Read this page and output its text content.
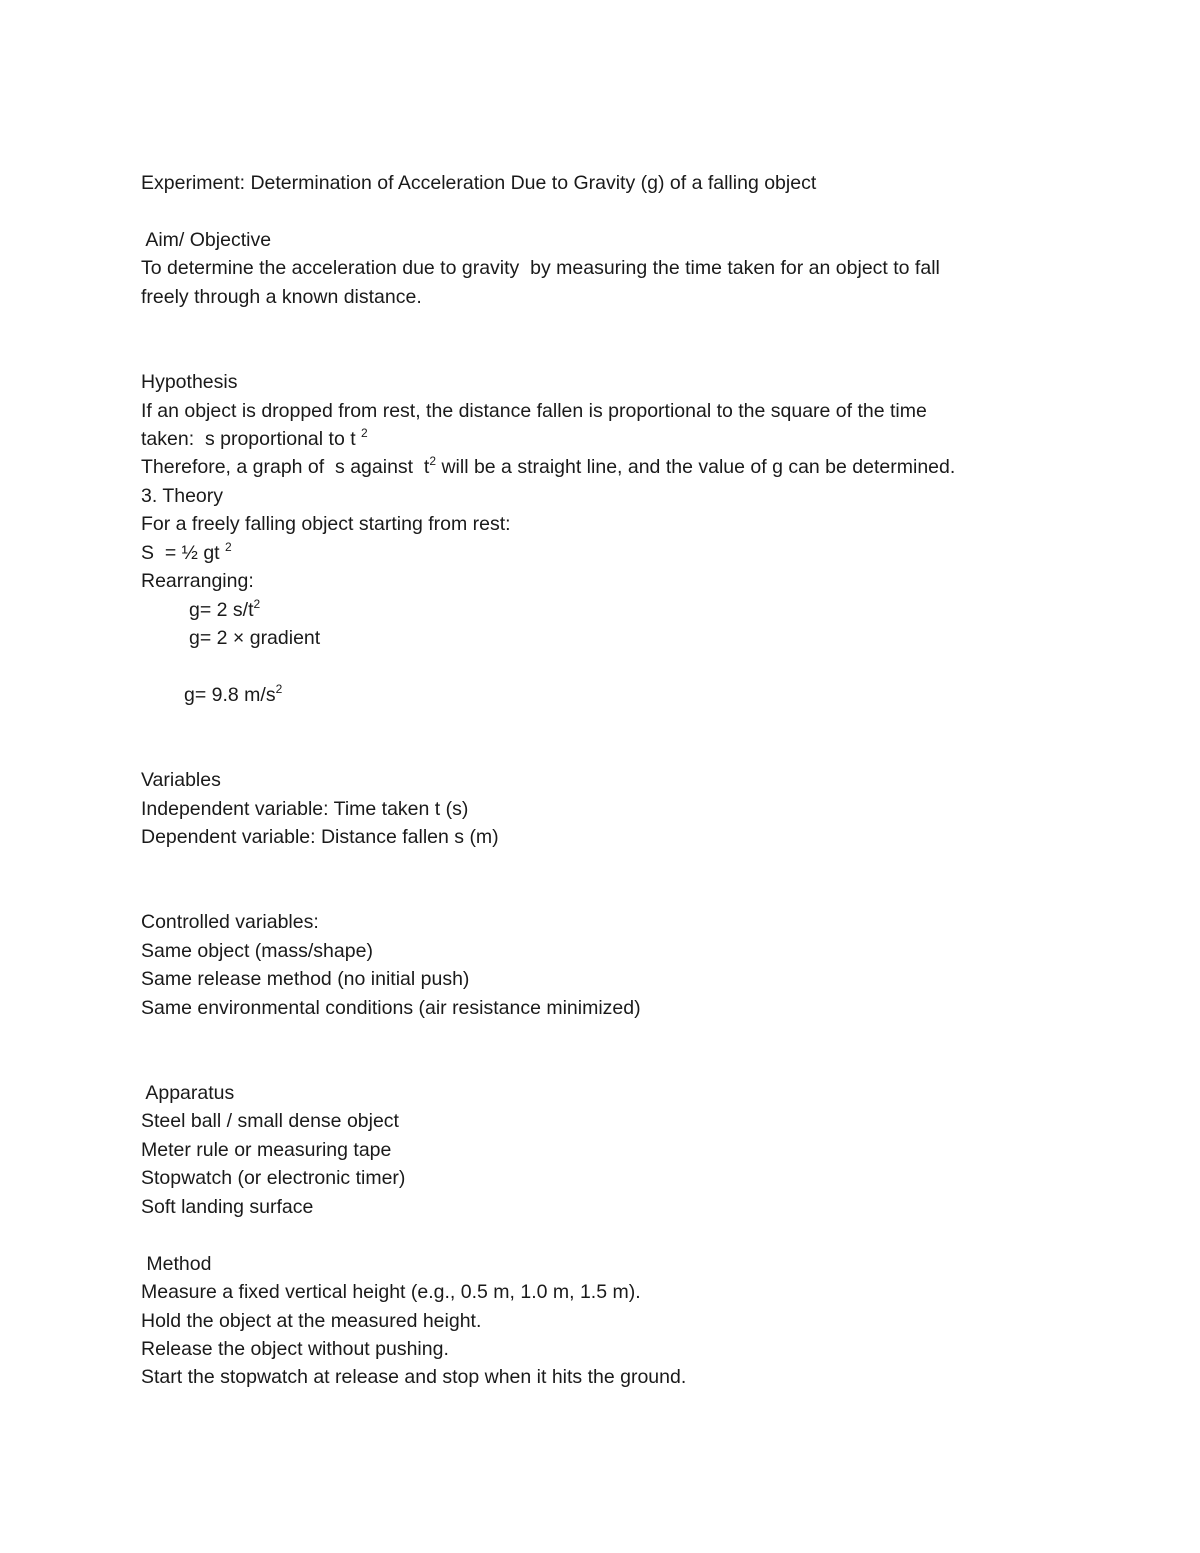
Experiment: Determination of Acceleration Due to Gravity (g) of a falling object
Aim/ Objective
To determine the acceleration due to gravity  by measuring the time taken for an object to fall
freely through a known distance.
Hypothesis
If an object is dropped from rest, the distance fallen is proportional to the square of the time
taken:  s proportional to t $^2$
Therefore, a graph of  s against  $t^2$ will be a straight line, and the value of g can be determined.
3. Theory
For a freely falling object starting from rest:
S  = ½ gt $^2$
Rearranging:
g= 2 $s/t^2$
g= 2 × gradient
g= 9.8 $m/s^2$
Variables
Independent variable: Time taken t (s)
Dependent variable: Distance fallen s (m)
Controlled variables:
Same object (mass/shape)
Same release method (no initial push)
Same environmental conditions (air resistance minimized)
Apparatus
Steel ball / small dense object
Meter rule or measuring tape
Stopwatch (or electronic timer)
Soft landing surface
Method
Measure a fixed vertical height (e.g., 0.5 m, 1.0 m, 1.5 m).
Hold the object at the measured height.
Release the object without pushing.
Start the stopwatch at release and stop when it hits the ground.
